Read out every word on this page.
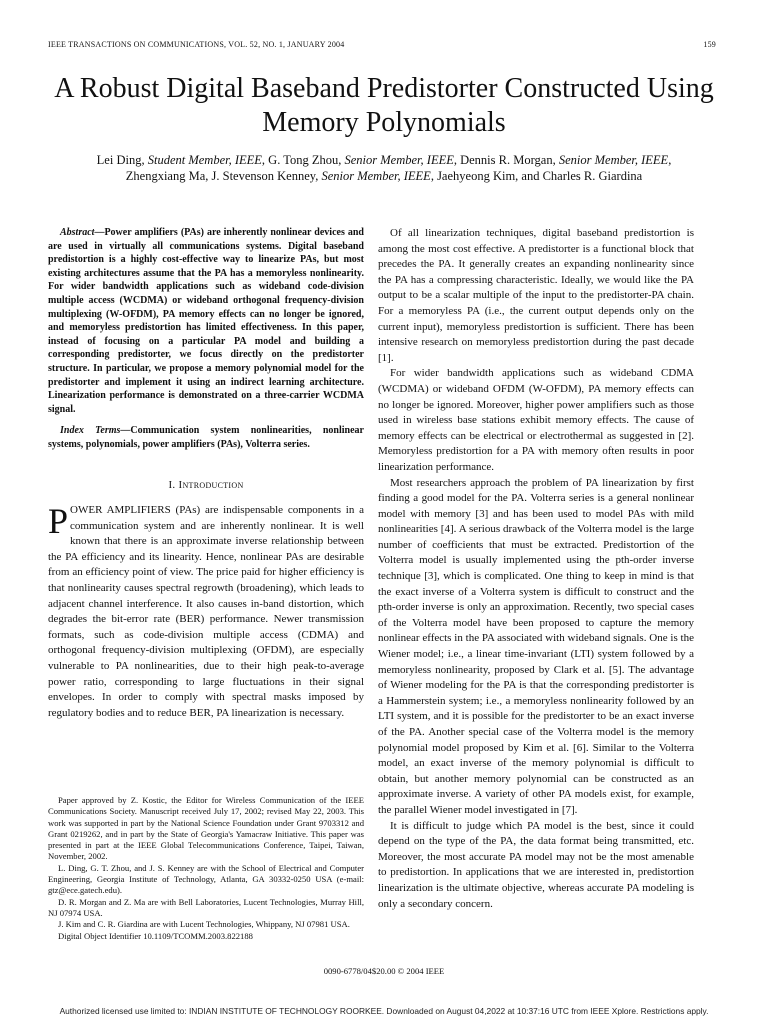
IEEE TRANSACTIONS ON COMMUNICATIONS, VOL. 52, NO. 1, JANUARY 2004	159
A Robust Digital Baseband Predistorter Constructed Using Memory Polynomials
Lei Ding, Student Member, IEEE, G. Tong Zhou, Senior Member, IEEE, Dennis R. Morgan, Senior Member, IEEE,
Zhengxiang Ma, J. Stevenson Kenney, Senior Member, IEEE, Jaehyeong Kim, and Charles R. Giardina

Abstract—Power amplifiers (PAs) are inherently nonlinear devices and are used in virtually all communications systems. Digital baseband predistortion is a highly cost-effective way to linearize PAs, but most existing architectures assume that the PA has a memoryless nonlinearity. For wider bandwidth applications such as wideband code-division multiple access (WCDMA) or wideband orthogonal frequency-division multiplexing (W-OFDM), PA memory effects can no longer be ignored, and memoryless predistortion has limited effectiveness. In this paper, instead of focusing on a particular PA model and building a corresponding predistorter, we focus directly on the predistorter structure. In particular, we propose a memory polynomial model for the predistorter and implement it using an indirect learning architecture. Linearization performance is demonstrated on a three-carrier WCDMA signal.

Index Terms—Communication system nonlinearities, nonlinear systems, polynomials, power amplifiers (PAs), Volterra series.

I. Introduction

POWER AMPLIFIERS (PAs) are indispensable components in a communication system and are inherently nonlinear. It is well known that there is an approximate inverse relationship between the PA efficiency and its linearity. Hence, nonlinear PAs are desirable from an efficiency point of view. The price paid for higher efficiency is that nonlinearity causes spectral regrowth (broadening), which leads to adjacent channel interference. It also causes in-band distortion, which degrades the bit-error rate (BER) performance. Newer transmission formats, such as code-division multiple access (CDMA) and orthogonal frequency-division multiplexing (OFDM), are especially vulnerable to PA nonlinearities, due to their high peak-to-average power ratio, corresponding to large fluctuations in their signal envelopes. In order to comply with spectral masks imposed by regulatory bodies and to reduce BER, PA linearization is necessary.

Paper approved by Z. Kostic, the Editor for Wireless Communication of the IEEE Communications Society. Manuscript received July 17, 2002; revised May 22, 2003. This work was supported in part by the National Science Foundation under Grant 9703312 and Grant 0219262, and in part by the State of Georgia's Yamacraw Initiative. This paper was presented in part at the IEEE Global Telecommunications Conference, Taipei, Taiwan, November, 2002.

L. Ding, G. T. Zhou, and J. S. Kenney are with the School of Electrical and Computer Engineering, Georgia Institute of Technology, Atlanta, GA 30332-0250 USA (e-mail: gtz@ece.gatech.edu).

D. R. Morgan and Z. Ma are with Bell Laboratories, Lucent Technologies, Murray Hill, NJ 07974 USA.

J. Kim and C. R. Giardina are with Lucent Technologies, Whippany, NJ 07981 USA.

Digital Object Identifier 10.1109/TCOMM.2003.822188

Of all linearization techniques, digital baseband predistortion is among the most cost effective. A predistorter is a functional block that precedes the PA. It generally creates an expanding nonlinearity since the PA has a compressing characteristic. Ideally, we would like the PA output to be a scalar multiple of the input to the predistorter-PA chain. For a memoryless PA (i.e., the current output depends only on the current input), memoryless predistortion is sufficient. There has been intensive research on memoryless predistortion during the past decade [1].

For wider bandwidth applications such as wideband CDMA (WCDMA) or wideband OFDM (W-OFDM), PA memory effects can no longer be ignored. Moreover, higher power amplifiers such as those used in wireless base stations exhibit memory effects. The cause of memory effects can be electrical or electrothermal as suggested in [2]. Memoryless predistortion for a PA with memory often results in poor linearization performance.

Most researchers approach the problem of PA linearization by first finding a good model for the PA. Volterra series is a general nonlinear model with memory [3] and has been used to model PAs with mild nonlinearities [4]. A serious drawback of the Volterra model is the large number of coefficients that must be extracted. Predistortion of the Volterra model is usually implemented using the pth-order inverse technique [3], which is complicated. One thing to keep in mind is that the exact inverse of a Volterra system is difficult to construct and the pth-order inverse is only an approximation. Recently, two special cases of the Volterra model have been proposed to capture the memory nonlinear effects in the PA associated with wideband signals. One is the Wiener model; i.e., a linear time-invariant (LTI) system followed by a memoryless nonlinearity, proposed by Clark et al. [5]. The advantage of Wiener modeling for the PA is that the corresponding predistorter is a Hammerstein system; i.e., a memoryless nonlinearity followed by an LTI system, and it is possible for the predistorter to be an exact inverse of the PA. Another special case of the Volterra model is the memory polynomial model proposed by Kim et al. [6]. Similar to the Volterra model, an exact inverse of the memory polynomial is difficult to obtain, but another memory polynomial can be constructed as an approximate inverse. A variety of other PA models exist, for example, the parallel Wiener model investigated in [7].

It is difficult to judge which PA model is the best, since it could depend on the type of the PA, the data format being transmitted, etc. Moreover, the most accurate PA model may not be the most amenable to predistortion. In applications that we are interested in, predistortion linearization is the ultimate objective, whereas accurate PA modeling is only a secondary concern.

0090-6778/04$20.00 © 2004 IEEE
Authorized licensed use limited to: INDIAN INSTITUTE OF TECHNOLOGY ROORKEE. Downloaded on August 04,2022 at 10:37:16 UTC from IEEE Xplore. Restrictions apply.
